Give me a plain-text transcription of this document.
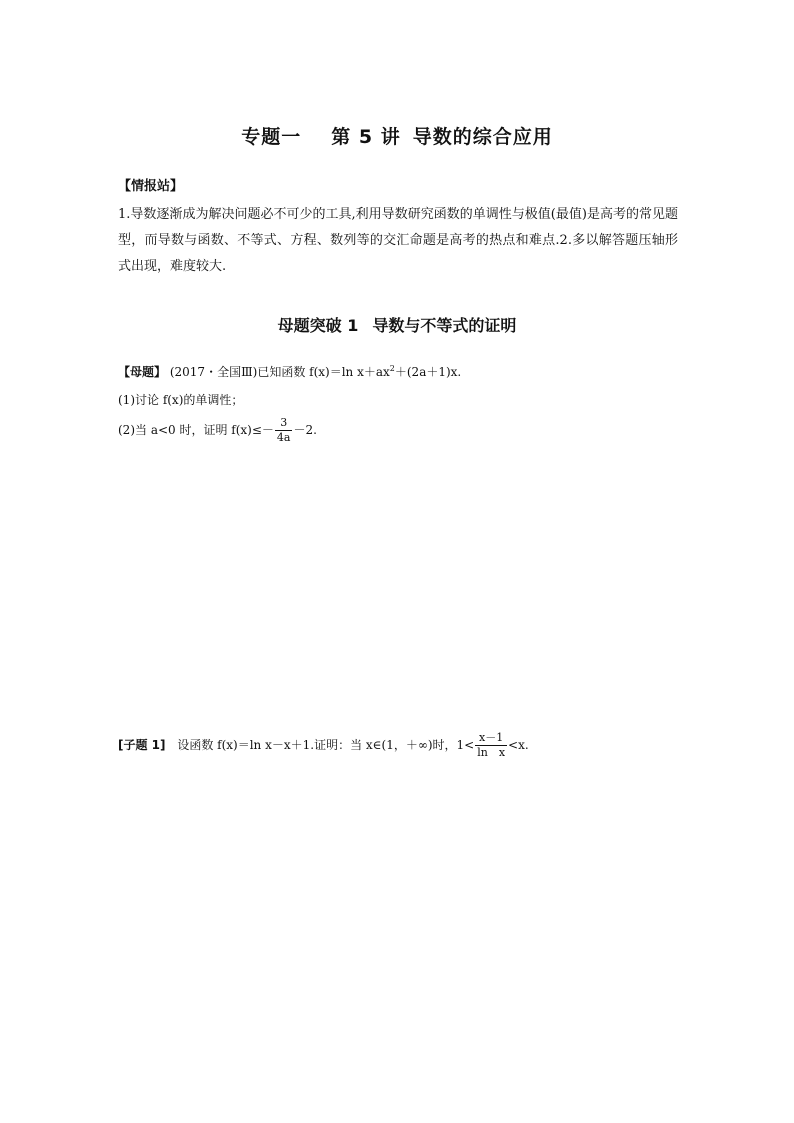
专题一 第 5 讲 导数的综合应用
【情报站】
1.导数逐渐成为解决问题必不可少的工具,利用导数研究函数的单调性与极值(最值)是高考的常见题型，而导数与函数、不等式、方程、数列等的交汇命题是高考的热点和难点.2.多以解答题压轴形式出现，难度较大.
母题突破 1 导数与不等式的证明
【母题】 (2017・全国Ⅲ)已知函数 f(x)＝ln $x+ax^2+(2a+1)x$.
(1)讨论 f(x)的单调性；
(2)当 a<0 时，证明 $f(x)\le- \frac{3}{4a} -2$.
[子题 1] 设函数 f(x)＝ln x－x＋1.证明：当 x∈(1，＋∞)时，$1< \frac{x-1}{\text{ln　x}} <x$.
